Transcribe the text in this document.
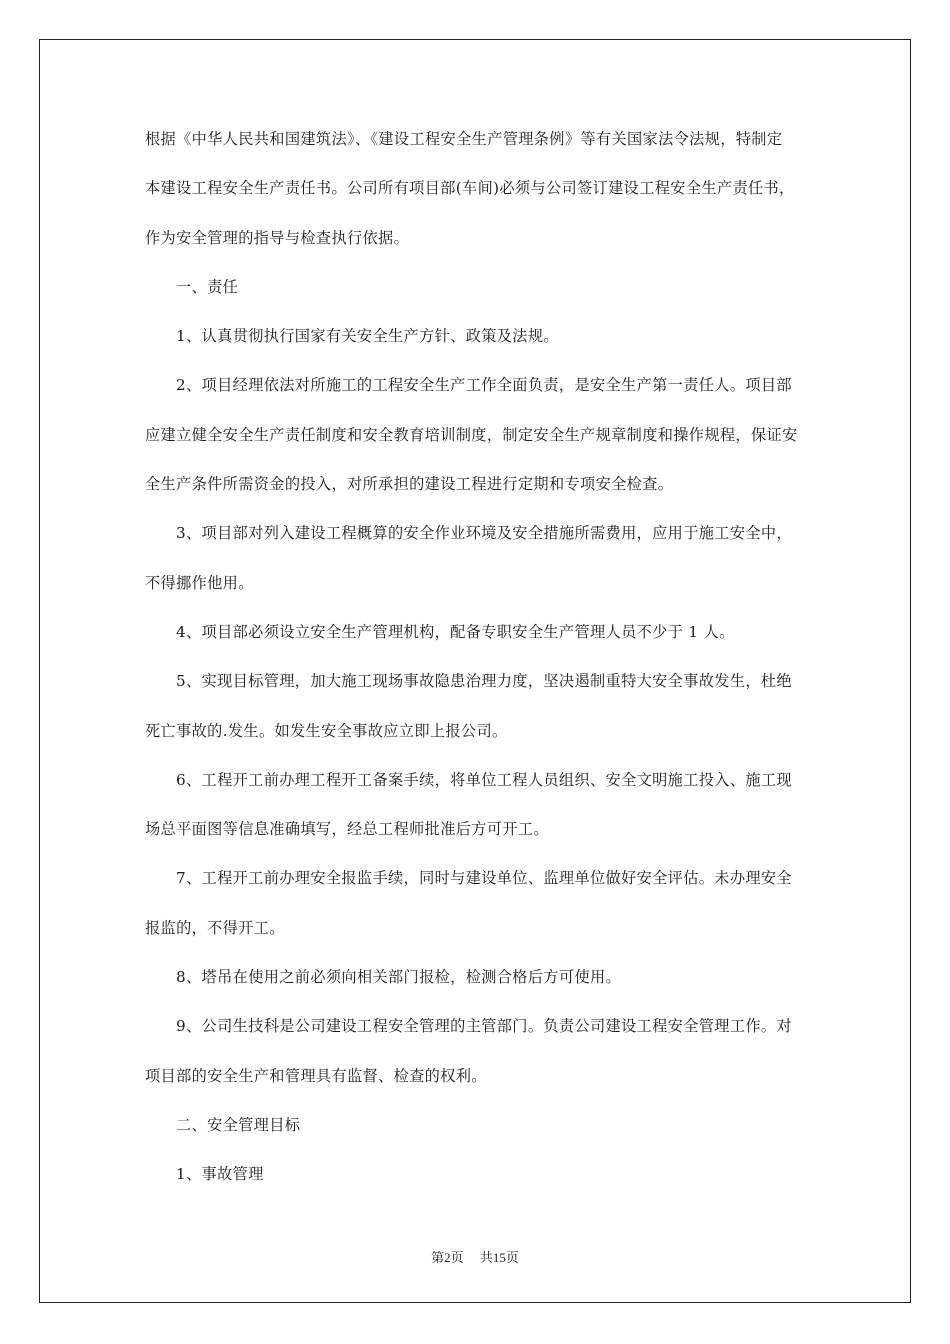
根据《中华人民共和国建筑法》、《建设工程安全生产管理条例》等有关国家法令法规，特制定
本建设工程安全生产责任书。公司所有项目部(车间)必须与公司签订建设工程安全生产责任书，
作为安全管理的指导与检查执行依据。
一、责任
1、认真贯彻执行国家有关安全生产方针、政策及法规。
2、项目经理依法对所施工的工程安全生产工作全面负责，是安全生产第一责任人。项目部
应建立健全安全生产责任制度和安全教育培训制度，制定安全生产规章制度和操作规程，保证安
全生产条件所需资金的投入，对所承担的建设工程进行定期和专项安全检查。
3、项目部对列入建设工程概算的安全作业环境及安全措施所需费用，应用于施工安全中，
不得挪作他用。
4、项目部必须设立安全生产管理机构，配备专职安全生产管理人员不少于 1 人。
5、实现目标管理，加大施工现场事故隐患治理力度，坚决遏制重特大安全事故发生，杜绝
死亡事故的.发生。如发生安全事故应立即上报公司。
6、工程开工前办理工程开工备案手续，将单位工程人员组织、安全文明施工投入、施工现
场总平面图等信息准确填写，经总工程师批准后方可开工。
7、工程开工前办理安全报监手续，同时与建设单位、监理单位做好安全评估。未办理安全
报监的，不得开工。
8、塔吊在使用之前必须向相关部门报检，检测合格后方可使用。
9、公司生技科是公司建设工程安全管理的主管部门。负责公司建设工程安全管理工作。对
项目部的安全生产和管理具有监督、检查的权利。
二、安全管理目标
1、事故管理
第2页　 共15页
